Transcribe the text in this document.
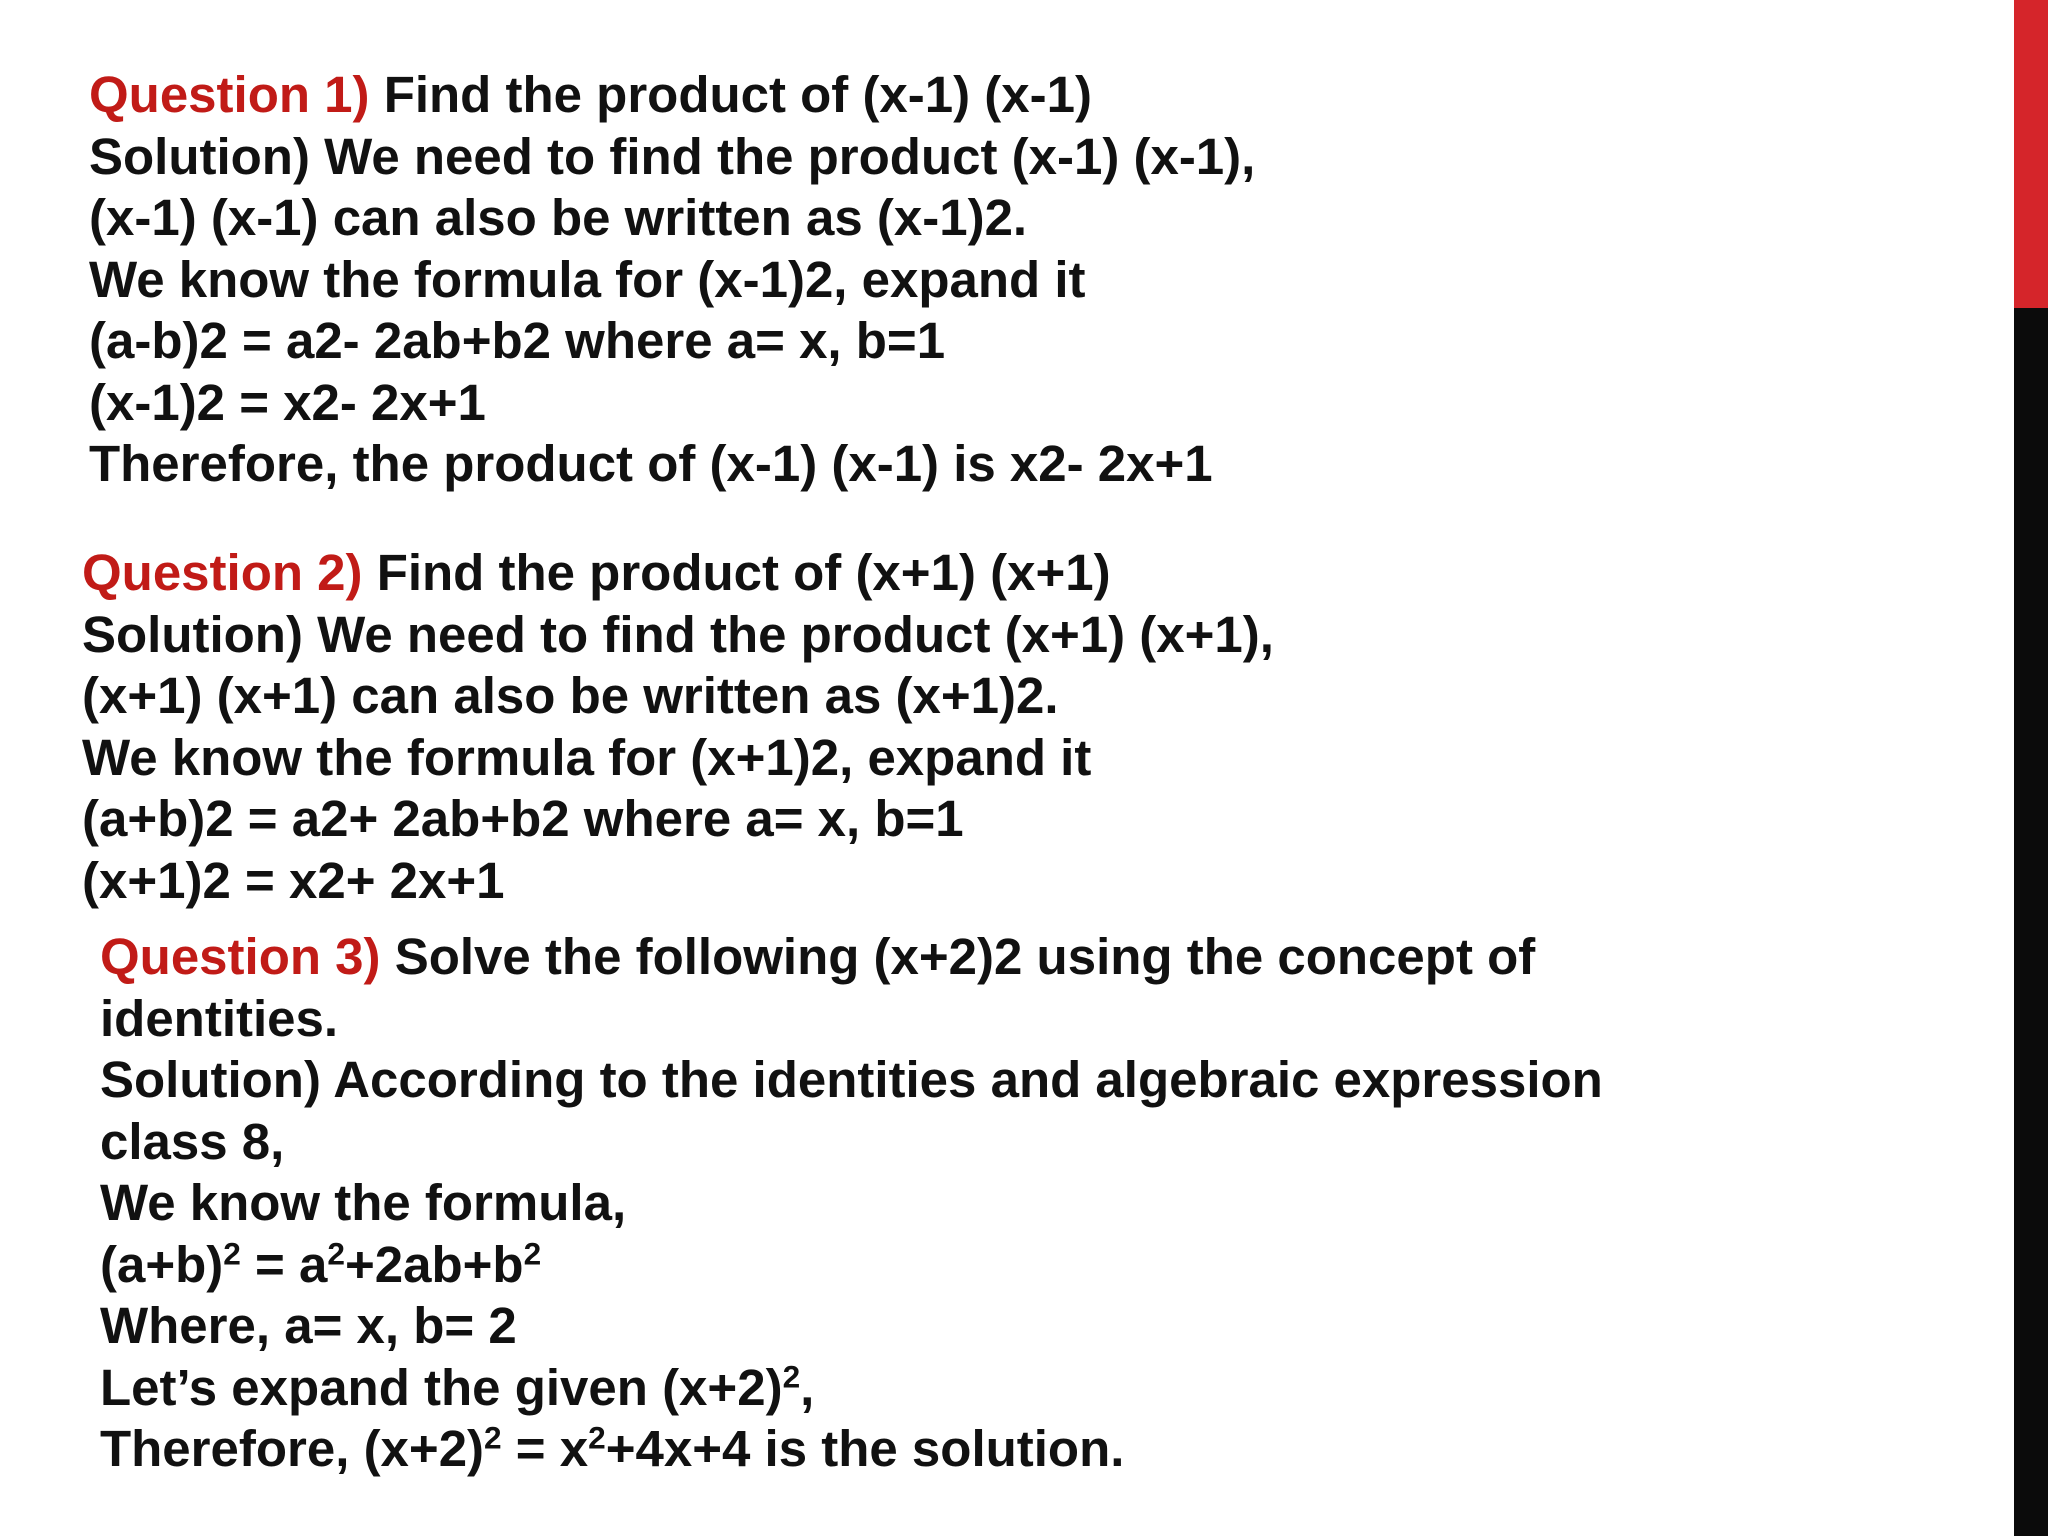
Question 1) Find the product of (x-1) (x-1)
Solution) We need to find the product (x-1) (x-1),
(x-1) (x-1) can also be written as (x-1)2.
We know the formula for (x-1)2, expand it
(a-b)2 = a2- 2ab+b2 where a= x, b=1
(x-1)2 = x2- 2x+1
Therefore, the product of (x-1) (x-1) is x2- 2x+1
Question 2) Find the product of (x+1) (x+1)
Solution) We need to find the product (x+1) (x+1),
(x+1) (x+1) can also be written as (x+1)2.
We know the formula for (x+1)2, expand it
(a+b)2 = a2+ 2ab+b2 where a= x, b=1
(x+1)2 = x2+ 2x+1
Question 3) Solve the following (x+2)2 using the concept of
identities.
Solution) According to the identities and algebraic expression
class 8,
We know the formula,
$(a+b)^2 = a^2+2ab+b^2$
Where, a= x, b= 2
Let’s expand the given $(x+2)^2$,
Therefore, $(x+2)^2 = x^2+4x+4$ is the solution.
